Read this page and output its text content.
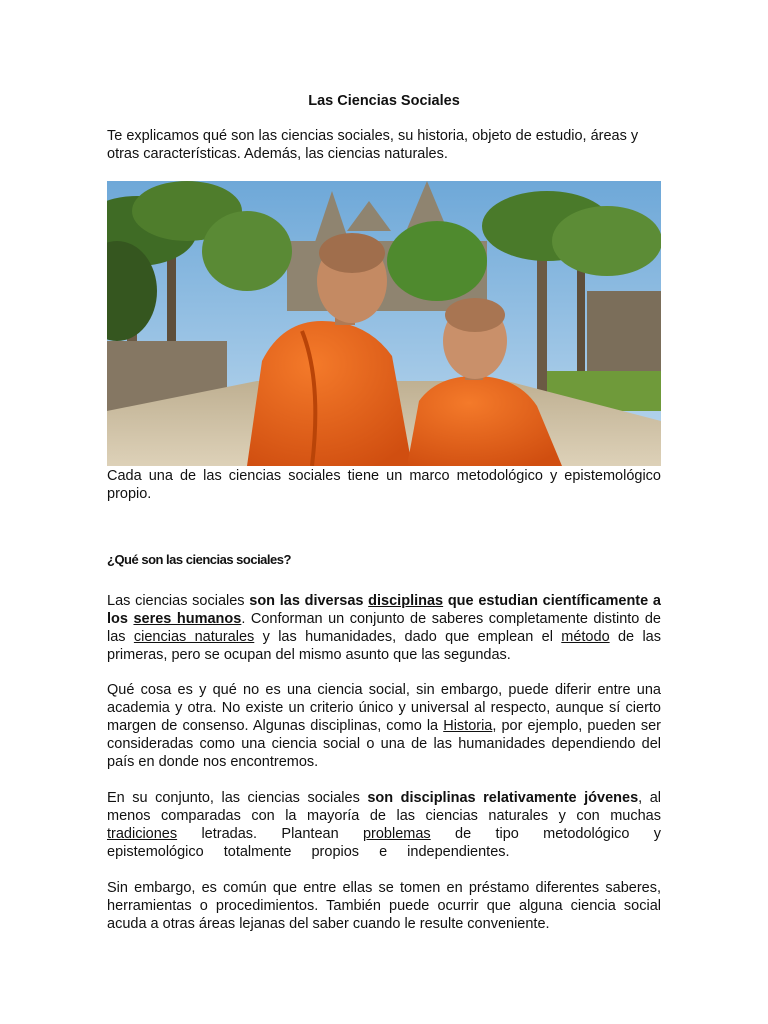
Las Ciencias Sociales
Te explicamos qué son las ciencias sociales, su historia, objeto de estudio, áreas y otras características. Además, las ciencias naturales.
Cada una de las ciencias sociales tiene un marco metodológico y epistemológico propio.
¿Qué son las ciencias sociales?
Las ciencias sociales son las diversas disciplinas que estudian científicamente a los seres humanos. Conforman un conjunto de saberes completamente distinto de las ciencias naturales y las humanidades, dado que emplean el método de las primeras, pero se ocupan del mismo asunto que las segundas.
Qué cosa es y qué no es una ciencia social, sin embargo, puede diferir entre una academia y otra. No existe un criterio único y universal al respecto, aunque sí cierto margen de consenso. Algunas disciplinas, como la Historia, por ejemplo, pueden ser consideradas como una ciencia social o una de las humanidades dependiendo del país en donde nos encontremos.
En su conjunto, las ciencias sociales son disciplinas relativamente jóvenes, al menos comparadas con la mayoría de las ciencias naturales y con muchas tradiciones letradas. Plantean problemas de tipo metodológico y epistemológico totalmente propios e independientes.
Sin embargo, es común que entre ellas se tomen en préstamo diferentes saberes, herramientas o procedimientos. También puede ocurrir que alguna ciencia social acuda a otras áreas lejanas del saber cuando le resulte conveniente.
